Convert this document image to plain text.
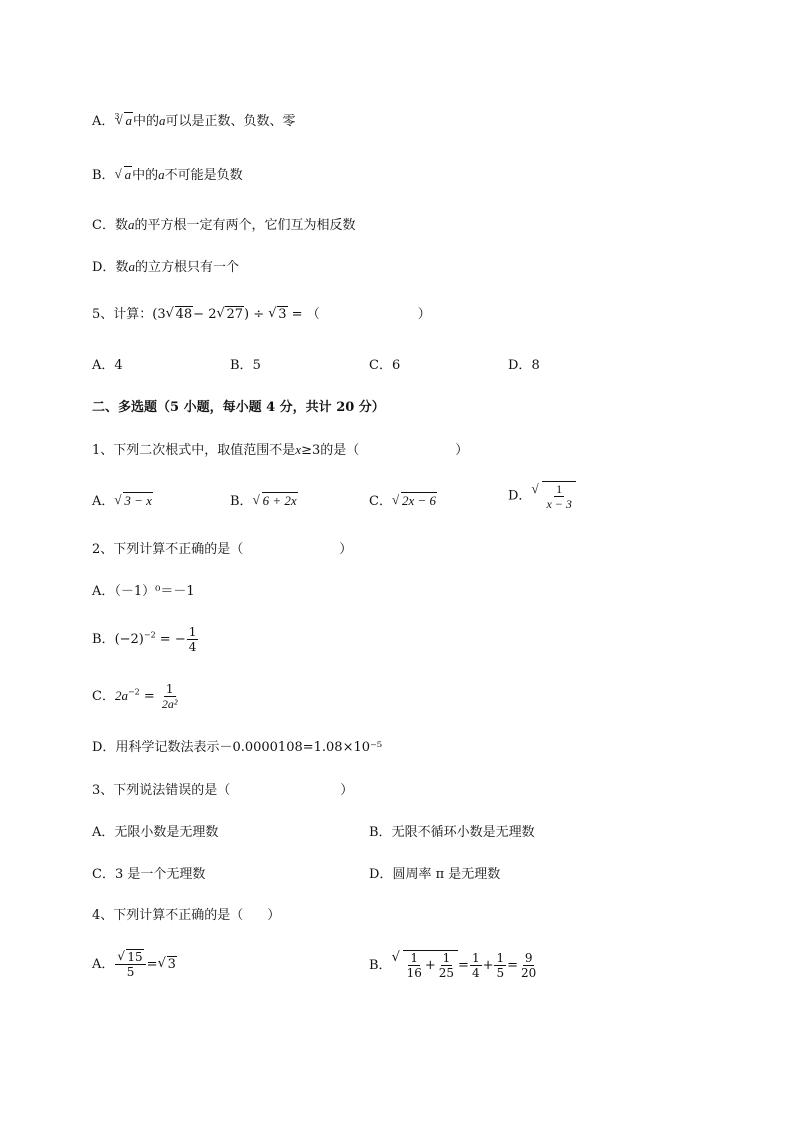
A．$^3$ √ a中的a可以是正数、负数、零
B． √ a中的a不可能是负数
C．数a的平方根一定有两个，它们互为相反数
D．数a的立方根只有一个
5、计算：(3 √ 48− 2 √ 27) ÷ √ 3 = （	）
A．4	B．5	C．6	D．8
二、多选题（5 小题，每小题 4 分，共计 20 分）
1、下列二次根式中，取值范围不是x≥3的是（	）
A． √ 3 − x	B． √ 6 + 2x	C． √ 2x − 6	D． √ $\frac{1}{x - 3}$
2、下列计算不正确的是（	）
A．（－1）⁰＝－1
B．$(-2)^{-2}$ = − $\frac{1}{4}$
C．$2a^{-2} = \frac{1}{\text{2a²}}$
D．用科学记数法表示－0.0000108=1.08×10⁻⁵
3、下列说法错误的是（	）
A．无限小数是无理数	B．无限不循环小数是无理数
C．3 是一个无理数	D．圆周率 π 是无理数
4、下列计算不正确的是（ ）
A． √ $\frac{15}{5}$ = √ 3	B． √ $\frac{1}{16} + \frac{1}{25} = \frac{1}{4} + \frac{1}{5} = \frac{9}{20}$
